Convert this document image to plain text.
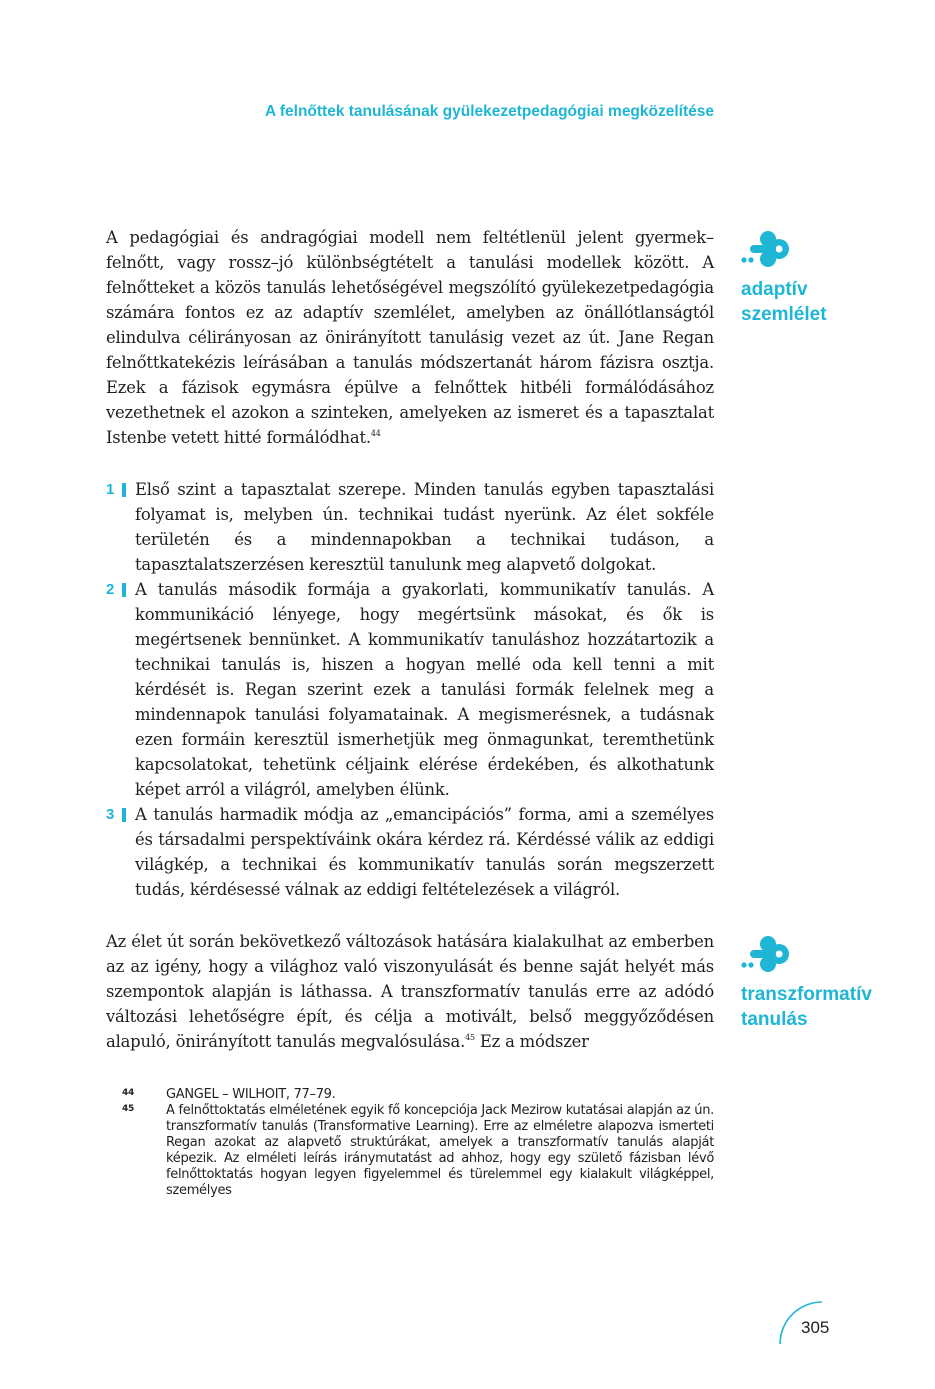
A felnőttek tanulásának gyülekezetpedagógiai megközelítése
A pedagógiai és andragógiai modell nem feltétlenül jelent gyermek–felnőtt, vagy rossz–jó különbségtételt a tanulási modellek között. A felnőtteket a közös tanulás lehetőségével megszólító gyülekezetpedagógia számára fontos ez az adaptív szemlélet, amelyben az önállótlanságtól elindulva célirányosan az önirányított tanulásig vezet az út. Jane Regan felnőttkatekézis leírásában a tanulás módszertanát három fázisra osztja. Ezek a fázisok egymásra épülve a felnőttek hitbéli formálódásához vezethetnek el azokon a szinteken, amelyeken az ismeret és a tapasztalat Istenbe vetett hitté formálódhat.$^{44}$
adaptív
szemlélet
1 Első szint a tapasztalat szerepe. Minden tanulás egyben tapasztalási folyamat is, melyben ún. technikai tudást nyerünk. Az élet sokféle területén és a mindennapokban a technikai tudáson, a tapasztalatszerzésen keresztül tanulunk meg alapvető dolgokat.
2 A tanulás második formája a gyakorlati, kommunikatív tanulás. A kommunikáció lényege, hogy megértsünk másokat, és ők is megértsenek bennünket. A kommunikatív tanuláshoz hozzátartozik a technikai tanulás is, hiszen a hogyan mellé oda kell tenni a mit kérdését is. Regan szerint ezek a tanulási formák felelnek meg a mindennapok tanulási folyamatainak. A megismerésnek, a tudásnak ezen formáin keresztül ismerhetjük meg önmagunkat, teremthetünk kapcsolatokat, tehetünk céljaink elérése érdekében, és alkothatunk képet arról a világról, amelyben élünk.
3 A tanulás harmadik módja az „emancipációs” forma, ami a személyes és társadalmi perspektíváink okára kérdez rá. Kérdéssé válik az eddigi világkép, a technikai és kommunikatív tanulás során megszerzett tudás, kérdésessé válnak az eddigi feltételezések a világról.
Az élet út során bekövetkező változások hatására kialakulhat az emberben az az igény, hogy a világhoz való viszonyulását és benne saját helyét más szempontok alapján is láthassa. A transzformatív tanulás erre az adódó változási lehetőségre épít, és célja a motivált, belső meggyőződésen alapuló, önirányított tanulás megvalósulása.$^{45}$ Ez a módszer
transzformatív
tanulás
44 GANGEL – WILHOIT, 77–79.
45 A felnőttoktatás elméletének egyik fő koncepciója Jack Mezirow kutatásai alapján az ún. transzformatív tanulás (Transformative Learning). Erre az elméletre alapozva ismerteti Regan azokat az alapvető struktúrákat, amelyek a transzformatív tanulás alapját képezik. Az elméleti leírás iránymutatást ad ahhoz, hogy egy születő fázisban lévő felnőttoktatás hogyan legyen figyelemmel és türelemmel egy kialakult világképpel, személyes
305
